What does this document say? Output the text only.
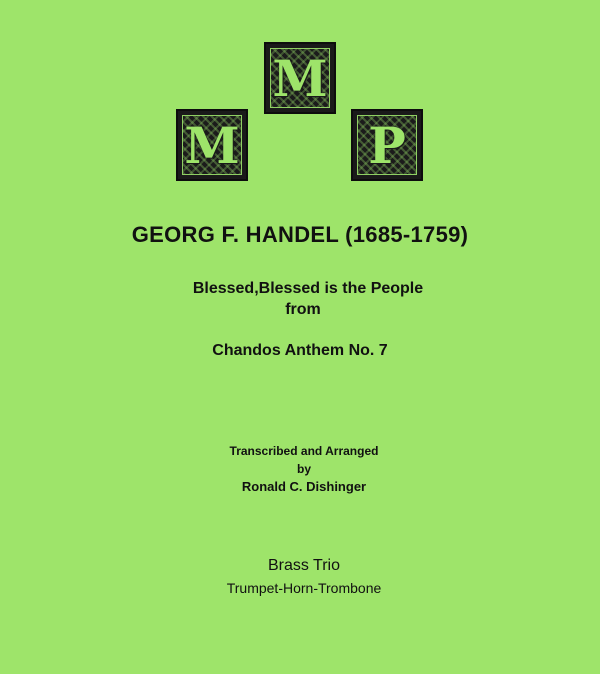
M
M	P
GEORG F. HANDEL (1685-1759)
Blessed,Blessed is the People
from
Chandos Anthem No. 7
Transcribed and Arranged
by
Ronald C. Dishinger
Brass Trio
Trumpet-Horn-Trombone
